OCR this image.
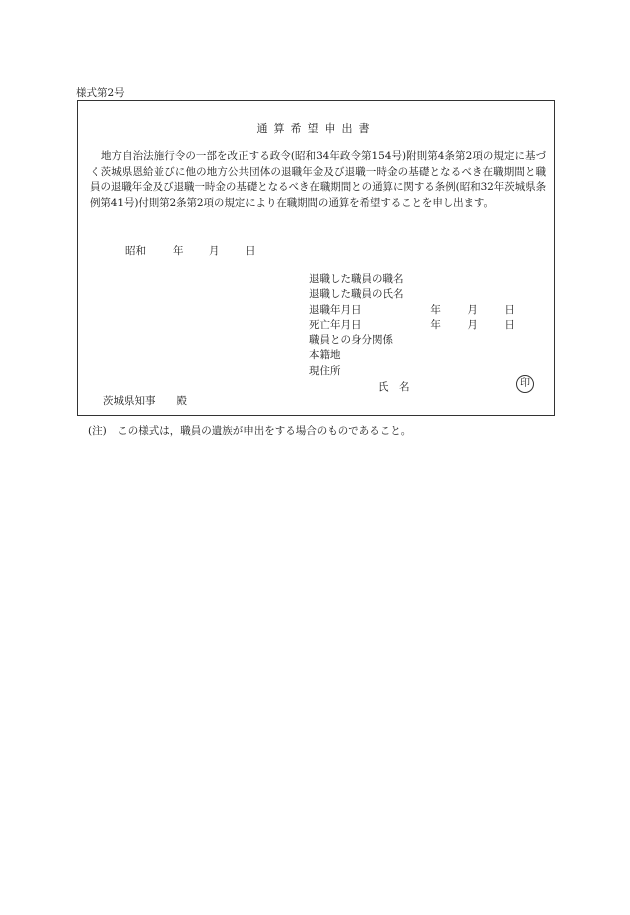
様式第2号
通算希望申出書
地方自治法施行令の一部を改正する政令(昭和34年政令第154号)附則第4条第2項の規定に基づく茨城県恩給並びに他の地方公共団体の退職年金及び退職一時金の基礎となるべき在職期間と職員の退職年金及び退職一時金の基礎となるべき在職期間との通算に関する条例(昭和32年茨城県条例第41号)付則第2条第2項の規定により在職期間の通算を希望することを申し出ます。
昭和	年 月 日
退職した職員の職名
退職した職員の氏名
退職年月日	年	月	日
死亡年月日	年	月	日
職員との身分関係
本籍地
現住所
氏　名	印
茨城県知事　　殿
(注)　この様式は，職員の遺族が申出をする場合のものであること。
